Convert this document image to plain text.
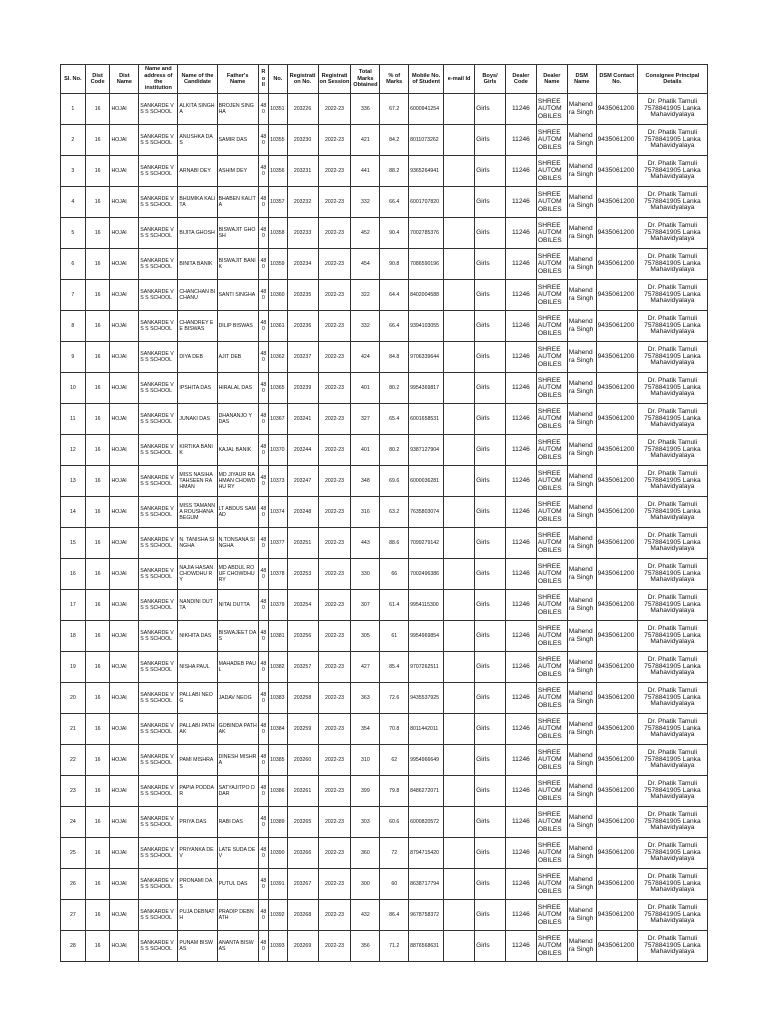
Sl. No.	Dist Code	Dist Name	Name and address of the institution	Name of the Candidate	Father's Name	Ro ll	No.	Registrati on No.	Registrati on Session	Total Marks Obtained	% of Marks	Mobile No. of Student	e-mail Id	Boys/ Girls	Dealer Code	Dealer Name	DSM Name	DSM Contact No.	Consignee Principal Details
1	16	HOJAI	SANKARDE V S S SCHOOL	ALKITA SINGHA	BROJEN SINGHA	480	10351	203226	2022-23	336	67.2	6000941254		Girls	11246	SHREE AUTOM OBILES	Mahend ra Singh	9435061200	Dr. Phatik Tamuli 7578841905 Lanka Mahavidyalaya
2	16	HOJAI	SANKARDE V S S SCHOOL	ANUSHKA DAS	SAMIR DAS	480	10355	203230	2022-23	421	84.2	8011073262		Girls	11246	SHREE AUTOM OBILES	Mahend ra Singh	9435061200	Dr. Phatik Tamuli 7578841905 Lanka Mahavidyalaya
3	16	HOJAI	SANKARDE V S S SCHOOL	ARNABI DEY	ASHIM DEY	480	10356	203231	2022-23	441	88.2	9365264941		Girls	11246	SHREE AUTOM OBILES	Mahend ra Singh	9435061200	Dr. Phatik Tamuli 7578841905 Lanka Mahavidyalaya
4	16	HOJAI	SANKARDE V S S SCHOOL	BHUMIKA KALITA	BHABEN KALITA	480	10357	203232	2022-23	332	66.4	6001707820		Girls	11246	SHREE AUTOM OBILES	Mahend ra Singh	9435061200	Dr. Phatik Tamuli 7578841905 Lanka Mahavidyalaya
5	16	HOJAI	SANKARDE V S S SCHOOL	BIJITA GHOSH	BISWAJIT GHOSH	480	10358	203233	2022-23	452	90.4	7002785376		Girls	11246	SHREE AUTOM OBILES	Mahend ra Singh	9435061200	Dr. Phatik Tamuli 7578841905 Lanka Mahavidyalaya
6	16	HOJAI	SANKARDE V S S SCHOOL	BINITA BANIK	BISWAJIT BANIK	480	10359	203234	2022-23	454	90.8	7086590196		Girls	11246	SHREE AUTOM OBILES	Mahend ra Singh	9435061200	Dr. Phatik Tamuli 7578841905 Lanka Mahavidyalaya
7	16	HOJAI	SANKARDE V S S SCHOOL	CHANCHAN BI CHANU	SANTI SINGHA	480	10360	203235	2022-23	322	64.4	8402004588		Girls	11246	SHREE AUTOM OBILES	Mahend ra Singh	9435061200	Dr. Phatik Tamuli 7578841905 Lanka Mahavidyalaya
8	16	HOJAI	SANKARDE V S S SCHOOL	CHANDREY EE BISWAS	DILIP BISWAS	480	10361	203236	2022-23	332	66.4	9394103055		Girls	11246	SHREE AUTOM OBILES	Mahend ra Singh	9435061200	Dr. Phatik Tamuli 7578841905 Lanka Mahavidyalaya
9	16	HOJAI	SANKARDE V S S SCHOOL	DIYA DEB	AJIT DEB	480	10362	203237	2022-23	424	84.8	9706339644		Girls	11246	SHREE AUTOM OBILES	Mahend ra Singh	9435061200	Dr. Phatik Tamuli 7578841905 Lanka Mahavidyalaya
10	16	HOJAI	SANKARDE V S S SCHOOL	IPSHITA DAS	HIRALAL DAS	480	10365	203239	2022-23	401	80.2	9954369817		Girls	11246	SHREE AUTOM OBILES	Mahend ra Singh	9435061200	Dr. Phatik Tamuli 7578841905 Lanka Mahavidyalaya
11	16	HOJAI	SANKARDE V S S SCHOOL	JUNAKI DAS	DHANANJO Y DAS	480	10367	203241	2022-23	327	65.4	6001658531		Girls	11246	SHREE AUTOM OBILES	Mahend ra Singh	9435061200	Dr. Phatik Tamuli 7578841905 Lanka Mahavidyalaya
12	16	HOJAI	SANKARDE V S S SCHOOL	KIRTIKA BANIK	KAJAL BANIK	480	10370	203244	2022-23	401	80.2	9387127904		Girls	11246	SHREE AUTOM OBILES	Mahend ra Singh	9435061200	Dr. Phatik Tamuli 7578841905 Lanka Mahavidyalaya
13	16	HOJAI	SANKARDE V S S SCHOOL	MISS NASIHA TAHSEEN RAHMAN	MD JIYAUR RAHMAN CHOWDHU RY	480	10373	203247	2022-23	348	69.6	6000036281		Girls	11246	SHREE AUTOM OBILES	Mahend ra Singh	9435061200	Dr. Phatik Tamuli 7578841905 Lanka Mahavidyalaya
14	16	HOJAI	SANKARDE V S S SCHOOL	MISS TAMANNA ROUSHANA BEGUM	LT ABDUS SAMAD	480	10374	203248	2022-23	316	63.2	7635803074		Girls	11246	SHREE AUTOM OBILES	Mahend ra Singh	9435061200	Dr. Phatik Tamuli 7578841905 Lanka Mahavidyalaya
15	16	HOJAI	SANKARDE V S S SCHOOL	N. TANISHA SINGHA	N.TONSANA SINGHA	480	10377	203251	2022-23	443	88.6	7099279142		Girls	11246	SHREE AUTOM OBILES	Mahend ra Singh	9435061200	Dr. Phatik Tamuli 7578841905 Lanka Mahavidyalaya
16	16	HOJAI	SANKARDE V S S SCHOOL	NAJIA HASAN CHOWDHU RY	MD ABDUL ROUF CHOWDHU RY	480	10378	203253	2022-23	330	66	7002496386		Girls	11246	SHREE AUTOM OBILES	Mahend ra Singh	9435061200	Dr. Phatik Tamuli 7578841905 Lanka Mahavidyalaya
17	16	HOJAI	SANKARDE V S S SCHOOL	NANDINI DUTTA	NITAI DUTTA	480	10379	203254	2022-23	307	61.4	9954115300		Girls	11246	SHREE AUTOM OBILES	Mahend ra Singh	9435061200	Dr. Phatik Tamuli 7578841905 Lanka Mahavidyalaya
18	16	HOJAI	SANKARDE V S S SCHOOL	NIKHITA DAS	BISWAJEET DAS	480	10381	203256	2022-23	305	61	9954969854		Girls	11246	SHREE AUTOM OBILES	Mahend ra Singh	9435061200	Dr. Phatik Tamuli 7578841905 Lanka Mahavidyalaya
19	16	HOJAI	SANKARDE V S S SCHOOL	NISHA PAUL	MAHADEB PAUL	480	10382	203257	2022-23	427	85.4	9707262511		Girls	11246	SHREE AUTOM OBILES	Mahend ra Singh	9435061200	Dr. Phatik Tamuli 7578841905 Lanka Mahavidyalaya
20	16	HOJAI	SANKARDE V S S SCHOOL	PALLABI NEOG	JADAV NEOG	480	10383	203258	2022-23	363	72.6	9435537925		Girls	11246	SHREE AUTOM OBILES	Mahend ra Singh	9435061200	Dr. Phatik Tamuli 7578841905 Lanka Mahavidyalaya
21	16	HOJAI	SANKARDE V S S SCHOOL	PALLABI PATHAK	GOBINDA PATHAK	480	10384	203259	2022-23	354	70.8	8011442011		Girls	11246	SHREE AUTOM OBILES	Mahend ra Singh	9435061200	Dr. Phatik Tamuli 7578841905 Lanka Mahavidyalaya
22	16	HOJAI	SANKARDE V S S SCHOOL	PAMI MISHRA	DINESH MISHRA	480	10385	203260	2022-23	310	62	9954966649		Girls	11246	SHREE AUTOM OBILES	Mahend ra Singh	9435061200	Dr. Phatik Tamuli 7578841905 Lanka Mahavidyalaya
23	16	HOJAI	SANKARDE V S S SCHOOL	PAPIA PODDAR	SATYAJITPO DDAR	480	10386	203261	2022-23	399	79.8	8486272071		Girls	11246	SHREE AUTOM OBILES	Mahend ra Singh	9435061200	Dr. Phatik Tamuli 7578841905 Lanka Mahavidyalaya
24	16	HOJAI	SANKARDE V S S SCHOOL	PRIYA DAS	RABI DAS	480	10389	203265	2022-23	303	60.6	6000820572		Girls	11246	SHREE AUTOM OBILES	Mahend ra Singh	9435061200	Dr. Phatik Tamuli 7578841905 Lanka Mahavidyalaya
25	16	HOJAI	SANKARDE V S S SCHOOL	PRIYANKA DEV	LATE SUDA DEV	480	10390	203266	2022-23	360	72	8794715420		Girls	11246	SHREE AUTOM OBILES	Mahend ra Singh	9435061200	Dr. Phatik Tamuli 7578841905 Lanka Mahavidyalaya
26	16	HOJAI	SANKARDE V S S SCHOOL	PRONAMI DAS	PUTUL DAS	480	10391	203267	2022-23	300	60	8638717794		Girls	11246	SHREE AUTOM OBILES	Mahend ra Singh	9435061200	Dr. Phatik Tamuli 7578841905 Lanka Mahavidyalaya
27	16	HOJAI	SANKARDE V S S SCHOOL	PUJA DEBNATH	PRADIP DEBNATH	480	10392	203268	2022-23	432	86.4	9678758372		Girls	11246	SHREE AUTOM OBILES	Mahend ra Singh	9435061200	Dr. Phatik Tamuli 7578841905 Lanka Mahavidyalaya
28	16	HOJAI	SANKARDE V S S SCHOOL	PUNAM BISWAS	ANANTA BISWAS	480	10393	203269	2022-23	356	71.2	8876568631		Girls	11246	SHREE AUTOM OBILES	Mahend ra Singh	9435061200	Dr. Phatik Tamuli 7578841905 Lanka Mahavidyalaya
